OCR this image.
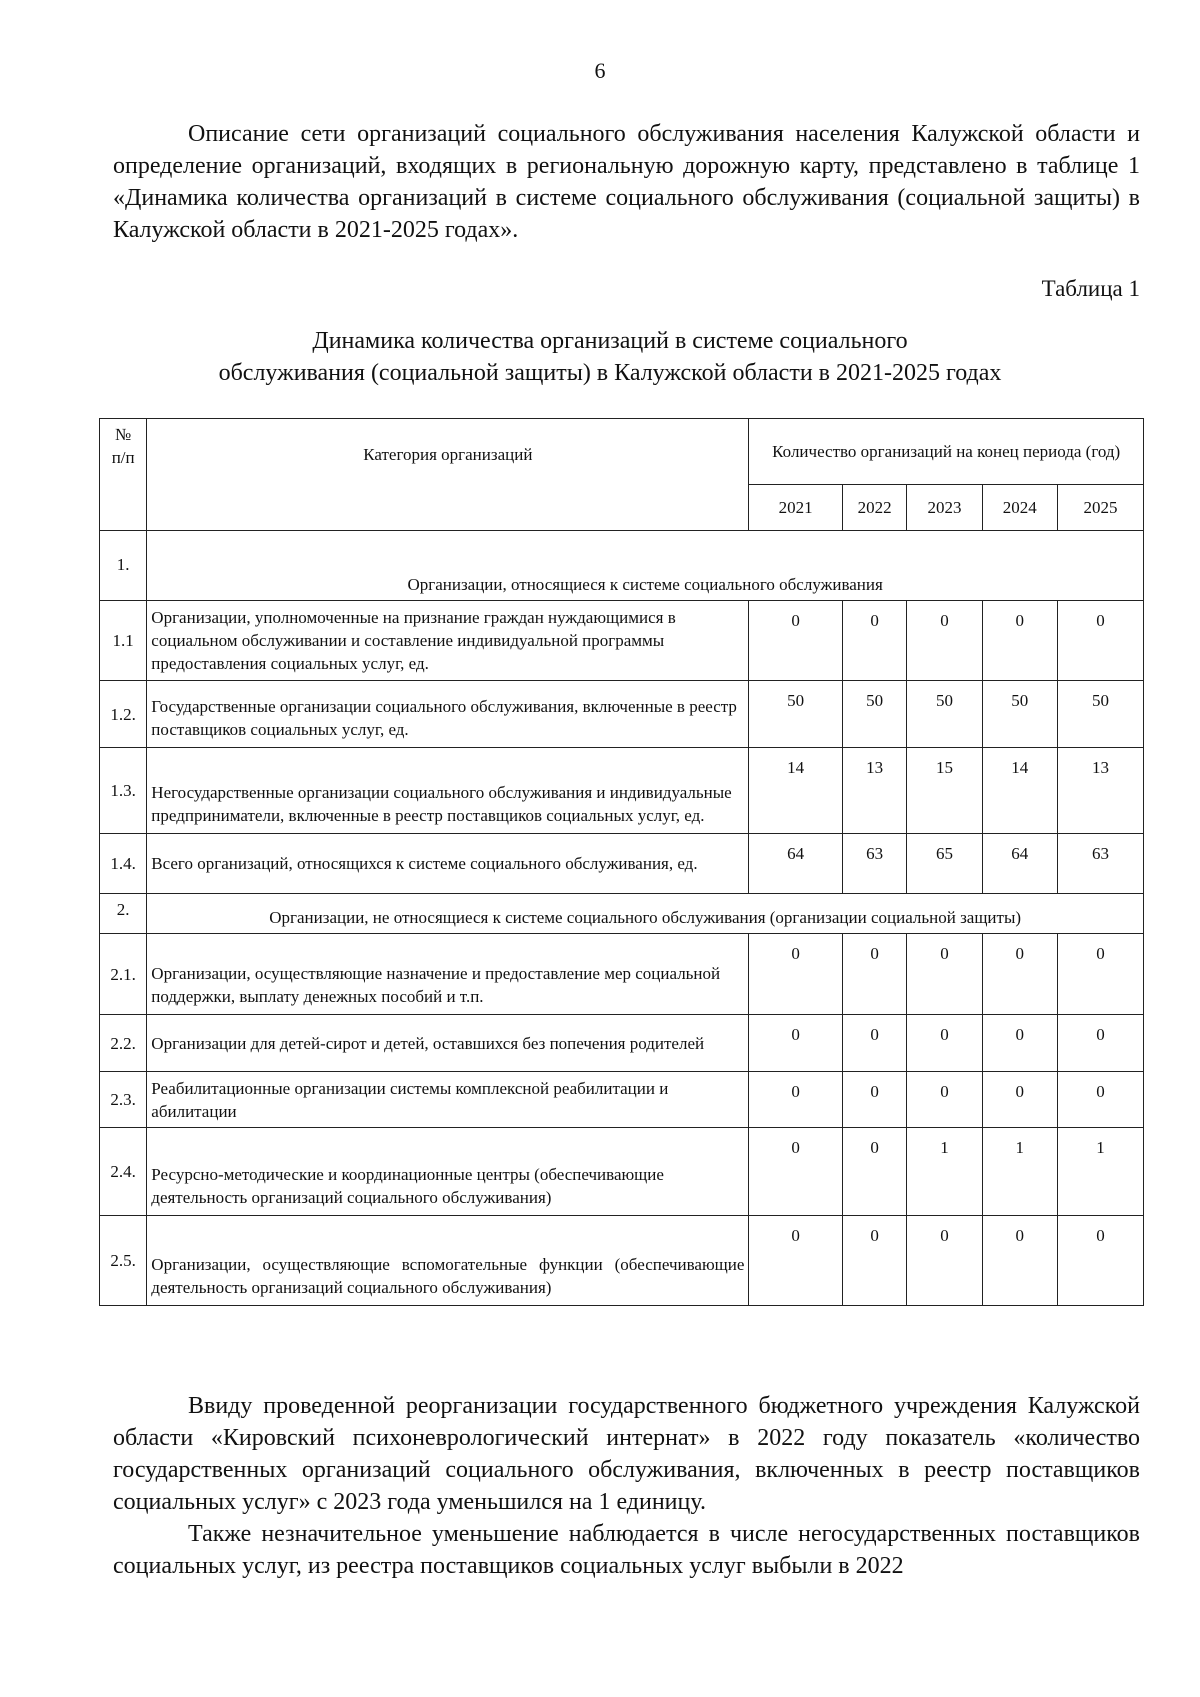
6

Описание сети организаций социального обслуживания населения Калужской области и определение организаций, входящих в региональную дорожную карту, представлено в таблице 1 «Динамика количества организаций в системе социального обслуживания (социальной защиты) в Калужской области в 2021-2025 годах».

Таблица 1
Динамика количества организаций в системе социального
обслуживания (социальной защиты) в Калужской области в 2021-2025 годах
№
п/п	Категория организаций	Количество организаций на конец периода (год)				
		2021	2022	2023	2024	2025
1.	Организации, относящиеся к системе социального обслуживания					
1.1	Организации, уполномоченные на признание граждан нуждающимися в социальном обслуживании и составление индивидуальной программы предоставления социальных услуг, ед.	0	0	0	0	0
1.2.	Государственные организации социального обслуживания, включенные в реестр поставщиков социальных услуг, ед.	50	50	50	50	50
1.3.	Негосударственные организации социального обслуживания и индивидуальные предприниматели, включенные в реестр поставщиков социальных услуг, ед.	14	13	15	14	13
1.4.	Всего организаций, относящихся к системе социального обслуживания, ед.	64	63	65	64	63
2.	Организации, не относящиеся к системе социального обслуживания (организации социальной защиты)					
2.1.	Организации, осуществляющие назначение и предоставление мер социальной поддержки, выплату денежных пособий и т.п.	0	0	0	0	0
2.2.	Организации для детей-сирот и детей, оставшихся без попечения родителей	0	0	0	0	0
2.3.	Реабилитационные организации системы комплексной реабилитации и абилитации	0	0	0	0	0
2.4.	Ресурсно-методические и координационные центры (обеспечивающие деятельность организаций социального обслуживания)	0	0	1	1	1
2.5.	Организации, осуществляющие вспомогательные функции (обеспечивающие деятельность организаций социального обслуживания)	0	0	0	0	0

Ввиду проведенной реорганизации государственного бюджетного учреждения Калужской области «Кировский психоневрологический интернат» в 2022 году показатель «количество государственных организаций социального обслуживания, включенных в реестр поставщиков социальных услуг» с 2023 года уменьшился на 1 единицу.

Также незначительное уменьшение наблюдается в числе негосударственных поставщиков социальных услуг, из реестра поставщиков социальных услуг выбыли в 2022
